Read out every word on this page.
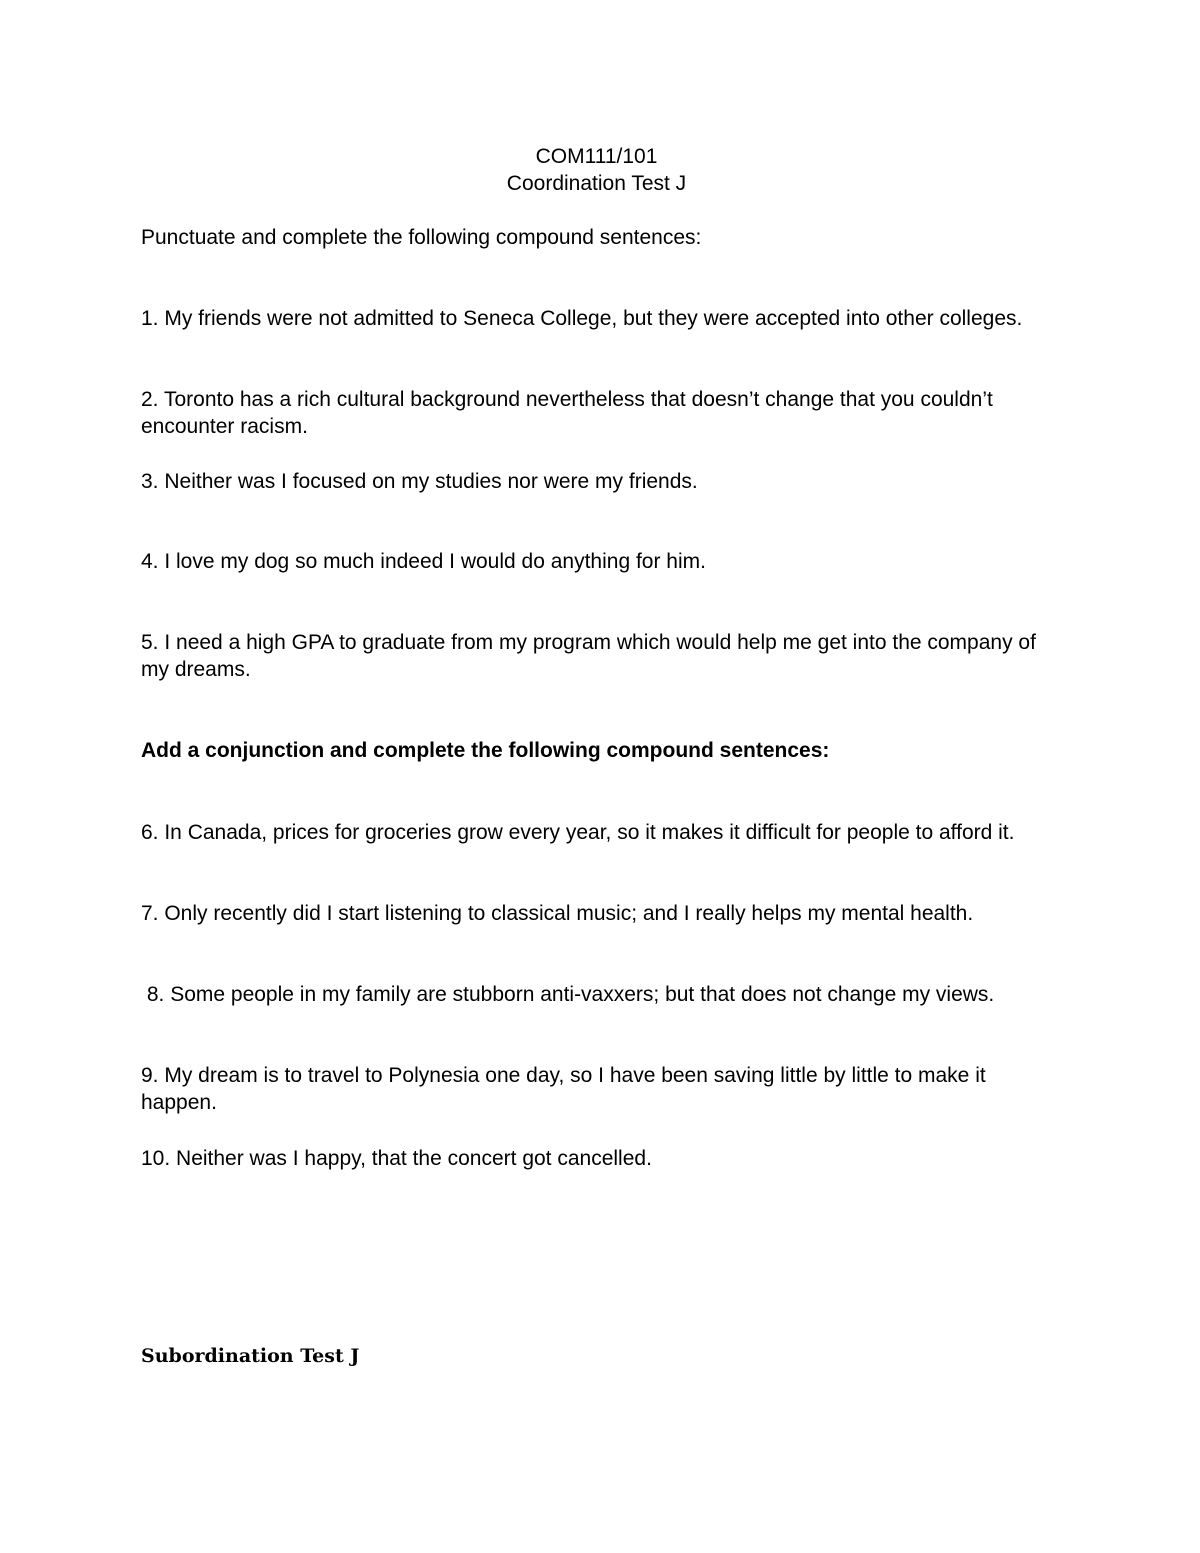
COM111/101
Coordination Test J
Punctuate and complete the following compound sentences:
1. My friends were not admitted to Seneca College, but they were accepted into other colleges.
2. Toronto has a rich cultural background nevertheless that doesn’t change that you couldn’t encounter racism.
3. Neither was I focused on my studies nor were my friends.
4. I love my dog so much indeed I would do anything for him.
5. I need a high GPA to graduate from my program which would help me get into the company of my dreams.
Add a conjunction and complete the following compound sentences:
6. In Canada, prices for groceries grow every year, so it makes it difficult for people to afford it.
7. Only recently did I start listening to classical music; and I really helps my mental health.
8. Some people in my family are stubborn anti-vaxxers; but that does not change my views.
9. My dream is to travel to Polynesia one day, so I have been saving little by little to make it happen.
10. Neither was I happy, that the concert got cancelled.
Subordination Test J
